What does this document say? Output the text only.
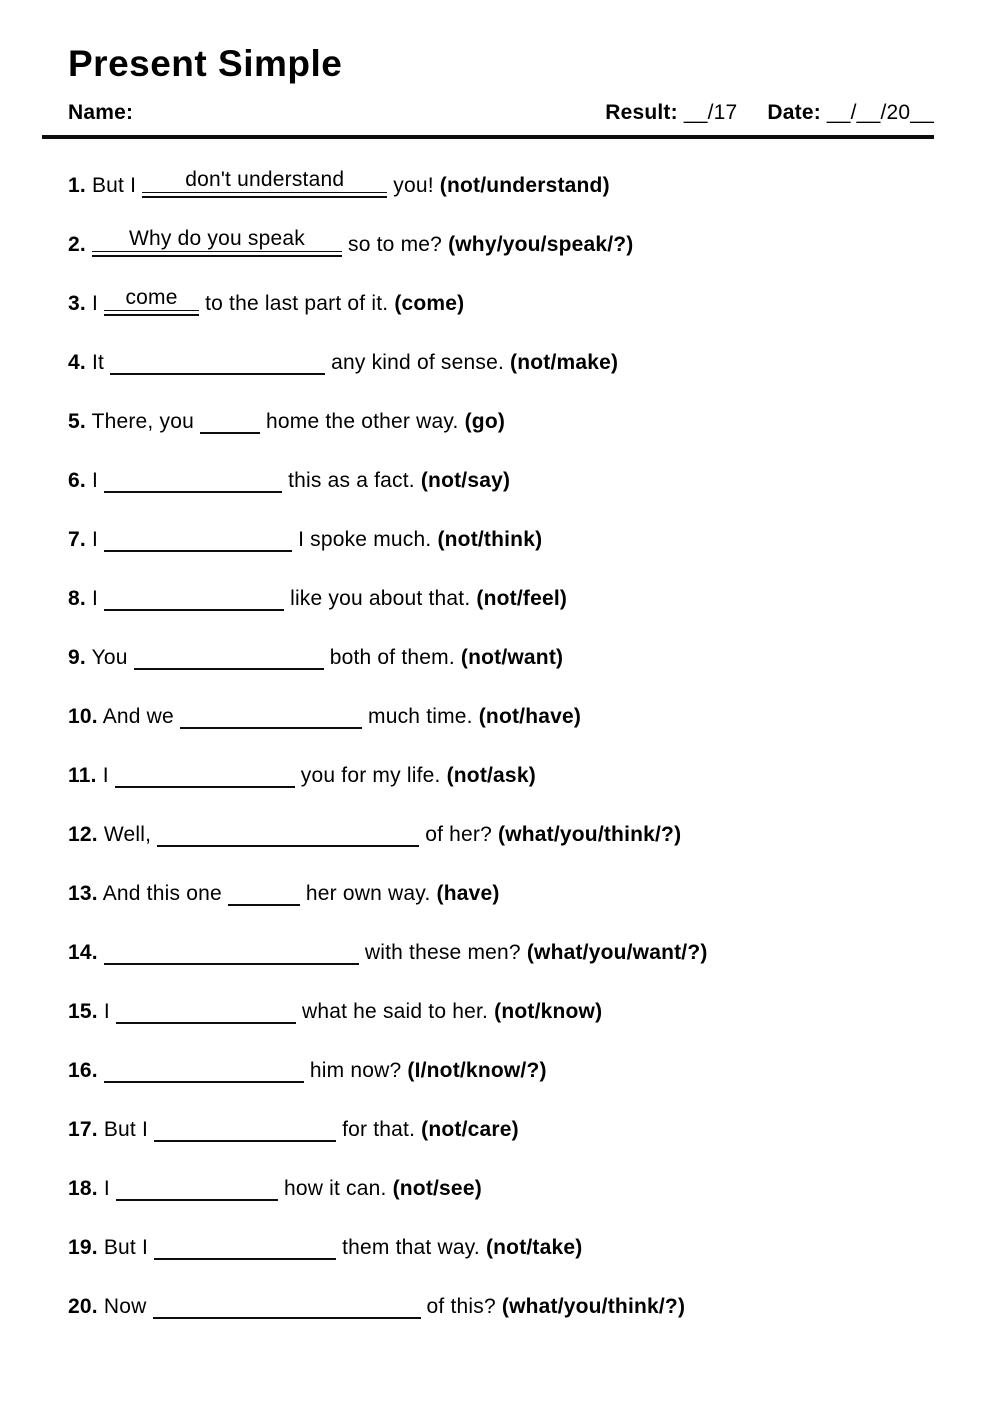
Present Simple
Name:	Result: __/17 Date: __/__/20__
1. But I	don't understand	you! (not/understand)
2.	Why do you speak	so to me? (why/you/speak/?)
3. I	come	to the last part of it. (come)
4. It	any kind of sense. (not/make)
5. There, you	home the other way. (go)
6. I	this as a fact. (not/say)
7. I	I spoke much. (not/think)
8. I	like you about that. (not/feel)
9. You	both of them. (not/want)
10. And we	much time. (not/have)
11. I	you for my life. (not/ask)
12. Well,	of her? (what/you/think/?)
13. And this one	her own way. (have)
14.	with these men? (what/you/want/?)
15. I	what he said to her. (not/know)
16.	him now? (I/not/know/?)
17. But I	for that. (not/care)
18. I	how it can. (not/see)
19. But I	them that way. (not/take)
20. Now	of this? (what/you/think/?)
